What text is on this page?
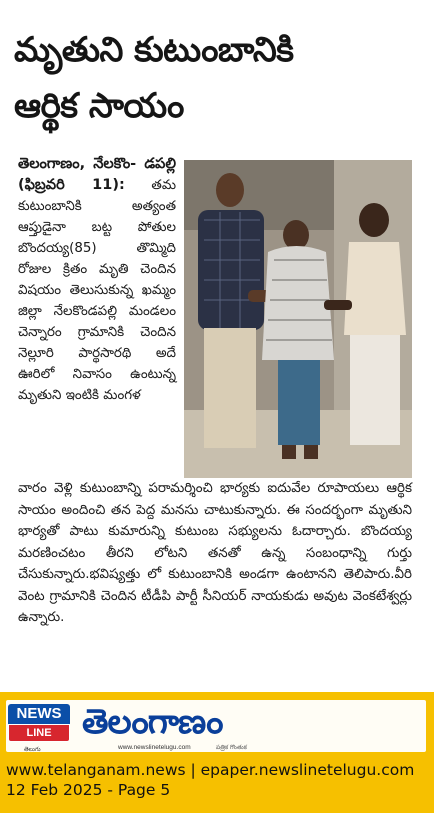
మృతుని కుటుంబానికి
ఆర్థిక సాయం

తెలంగాణం, నేలకొం- డపల్లి (ఫిబ్రవరి 11): తమ కుటుంబానికి అత్యంత ఆప్తుడైనా బట్ట పోతుల బొందయ్య(85) తొమ్మిది రోజుల క్రితం మృతి చెందిన విషయం తెలుసుకున్న ఖమ్మం జిల్లా నేలకొండపల్లి మండలం చెన్నారం గ్రామానికి చెందిన నెల్లూరి పార్థసారథి అదే ఊరిలో నివాసం ఉంటున్న మృతుని ఇంటికి మంగళ

వారం వెళ్లి కుటుంబాన్ని పరామర్శించి భార్యకు ఐదువేల రూపాయలు ఆర్థిక సాయం అందించి తన పెద్ద మనసు చాటుకున్నారు. ఈ సందర్భంగా మృతుని భార్యతో పాటు కుమారున్ని కుటుంబ సభ్యులను ఓదార్చారు. బొందయ్య మరణించటం తీరని లోటని తనతో ఉన్న సంబంధాన్ని గుర్తు చేసుకున్నారు.భవిష్యత్తు లో కుటుంబానికి అండగా ఉంటానని తెలిపారు.వీరి వెంట గ్రామానికి చెందిన టీడీపి పార్టీ సీనియర్ నాయకుడు అవుట వెంకటేశ్వర్లు ఉన్నారు.

NEWS
LINE
తెలుగు
తెలంగాణం
www.newslinetelugu.com	పత్రిక గొంతుక
www.telanganam.news | epaper.newslinetelugu.com
12 Feb 2025 - Page 5
